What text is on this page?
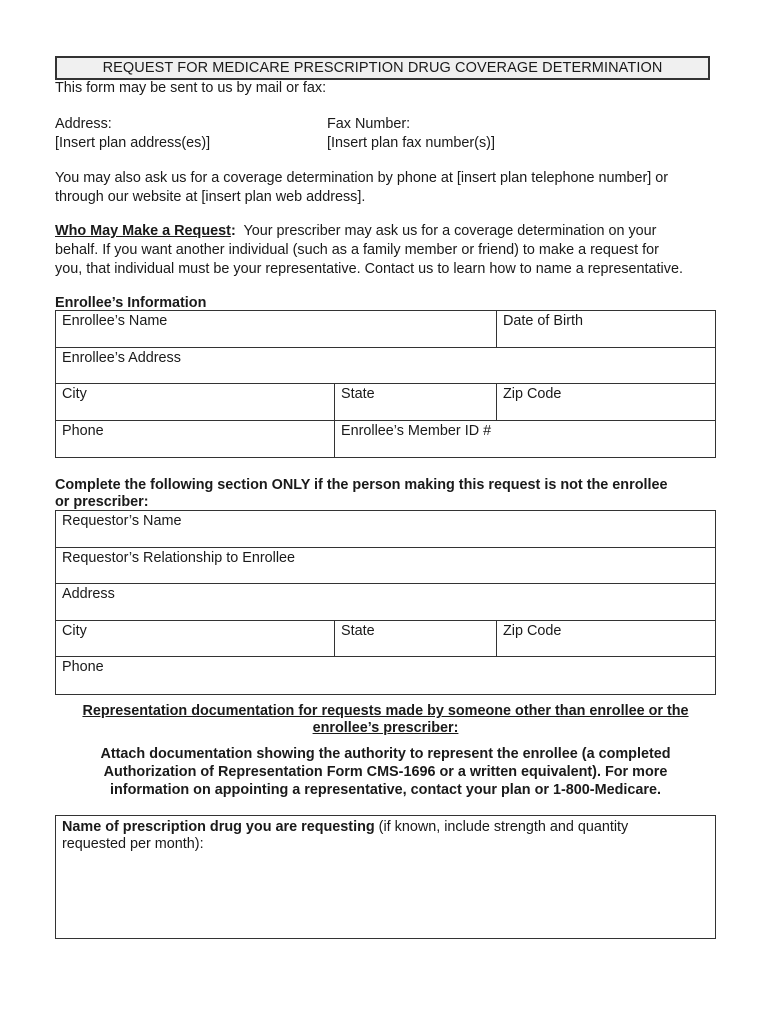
REQUEST FOR MEDICARE PRESCRIPTION DRUG COVERAGE DETERMINATION
This form may be sent to us by mail or fax:
Address:
[Insert plan address(es)]
Fax Number:
[Insert plan fax number(s)]
You may also ask us for a coverage determination by phone at [insert plan telephone number] or
through our website at [insert plan web address].
Who May Make a Request:  Your prescriber may ask us for a coverage determination on your
behalf. If you want another individual (such as a family member or friend) to make a request for
you, that individual must be your representative. Contact us to learn how to name a representative.
Enrollee’s Information
Enrollee’s Name	Date of Birth
Enrollee’s Address
City	State	Zip Code
Phone	Enrollee’s Member ID #
Complete the following section ONLY if the person making this request is not the enrollee
or prescriber:
Requestor’s Name
Requestor’s Relationship to Enrollee
Address
City	State	Zip Code
Phone
Representation documentation for requests made by someone other than enrollee or the
enrollee’s prescriber:
Attach documentation showing the authority to represent the enrollee (a completed
Authorization of Representation Form CMS-1696 or a written equivalent). For more
information on appointing a representative, contact your plan or 1-800-Medicare.
Name of prescription drug you are requesting (if known, include strength and quantity
requested per month):
